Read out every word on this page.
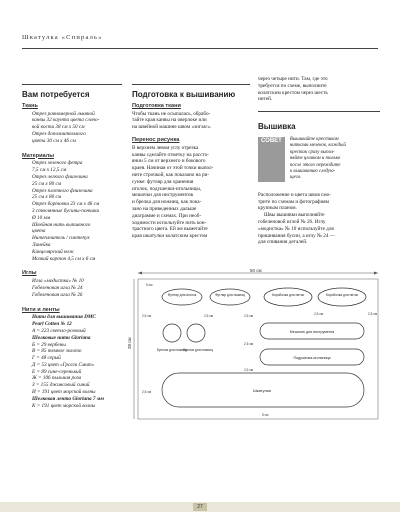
Шкатулка «Спираль»
Вам потребуется
Ткань
Отрез равномерной льняной
канвы 32 каунта цвета слоно-
вой кости 38 см х 50 см
Отрез дополнительного
цвета 30 см х 46 см
Материалы
Отрез зеленого фетра
7,5 см х 12,5 см
Отрез легкого флизелина
25 см х 80 см
Отрез плотного флизелина
25 см х 80 см
Отрез бортовки 23 см х 46 см
3 стеклянные бусины-пончики
Ø 10 мм
Швейная нить выпшвного
цвета
Нитеплнитель / синтепух
Линейка
Канцелярский нож
Мазкий картон 4,5 см х 6 см
Иглы
Игла «модистка» № 10
Гобеленовая игла № 24
Гобеленовая игла № 26
Нити и ленты
Нити для вышивания DMC
Pearl Cotton № 12
А = 223 светло-розовый
Шелковые нити Gloriana
Б = 29 вербены
В = 85 темное золото
Г = 48 серый
Д = 53 цвет «Грогги Смит»
Е = 89 сине-серенький
Ж = 106 пыльная роза
З = 155 джинсовый синий
И = 191 цвет морской волны
Шелковая лента Gloriana 7 мм
К = 191 цвет морской волны
Подготовка к вышиванию
Подготовка ткани
Чтобы ткань не осыпалась, обрабо-
тайте края канвы на оверлоке или
на швейной машине швом «зигзаг».
Перенос рисунка
В верхнем левом углу отрезка
канвы сделайте отметку на рассто-
янии 5 см от верхнего и бокового
краев. Начиная от этой точки выпол-
ните строчкой, как показано на ри-
сунке: футляр для хранения
иголок, подушечки-игольницы,
мешочки для инструментов
и брелка для ножниц, как пока-
зано на приведенных дальше
диаграмме и схемах. При необ-
ходимости используйте нить кон-
трастного цвета. Ей же выметайте
края шкатулки колатским крестом
через четыре нити. Там, где это
требуется по схеме, выполните
колатским крестом через шесть
нитей.
Вышивка
СОВЕТ	Вышивайте крестиком
нитками мелеков, каждый
крестик сразу выпол-
няйте целиком и только
после этого переходите
к вышиванию следую-
щего.
Расположение и цвета швов смо-
трите по схемам и фотографиям
крупным планом.
Швы вышивки выполняйте
гобеленовой иглой № 26. Иглу
«модистка» № 10 используйте для
пришивания бусин, а иглу № 24 —
для спивания деталей.
50 см
38 см
Футляр для иголок	Футляр для ножниц	Коробочка для ниток	Коробочка для ниток
Брелок для ножниц
Брелок для ножниц
Мешочек для инструмента
Подушечка-игольница
Шкатулка
5 см
2,5 см	2,5 см	2,5 см	2,5 см	2,5 см
2,5 см
2,5 см
2,5 см
5 см
27
